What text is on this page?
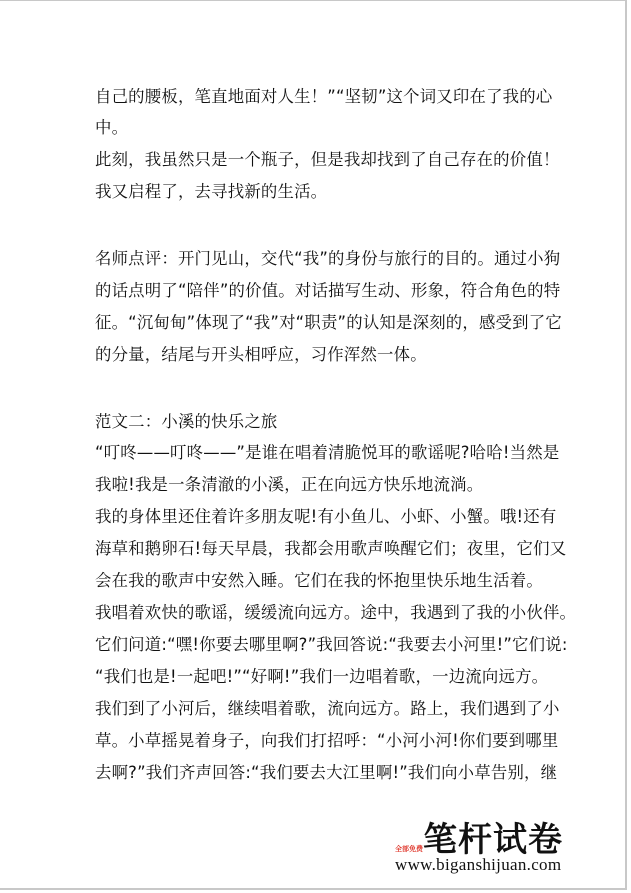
自己的腰板，笔直地面对人生！”“坚韧”这个词又印在了我的心
中。
此刻，我虽然只是一个瓶子，但是我却找到了自己存在的价值！
我又启程了，去寻找新的生活。
名师点评：开门见山，交代“我”的身份与旅行的目的。通过小狗
的话点明了“陪伴”的价值。对话描写生动、形象，符合角色的特
征。“沉甸甸”体现了“我”对“职责”的认知是深刻的，感受到了它
的分量，结尾与开头相呼应，习作浑然一体。
范文二：小溪的快乐之旅
“叮咚——叮咚——”是谁在唱着清脆悦耳的歌谣呢?哈哈!当然是
我啦!我是一条清澈的小溪，正在向远方快乐地流淌。
我的身体里还住着许多朋友呢!有小鱼儿、小虾、小蟹。哦!还有
海草和鹅卵石!每天早晨，我都会用歌声唤醒它们；夜里，它们又
会在我的歌声中安然入睡。它们在我的怀抱里快乐地生活着。
我唱着欢快的歌谣，缓缓流向远方。途中，我遇到了我的小伙伴。
它们问道:“嘿!你要去哪里啊?”我回答说:“我要去小河里!”它们说:
“我们也是!一起吧!”“好啊!”我们一边唱着歌，一边流向远方。
我们到了小河后，继续唱着歌，流向远方。路上，我们遇到了小
草。小草摇晃着身子，向我们打招呼：“小河小河!你们要到哪里
去啊?”我们齐声回答:“我们要去大江里啊!”我们向小草告别，继
笔杆试卷
全部免费
www.biganshijuan.com
